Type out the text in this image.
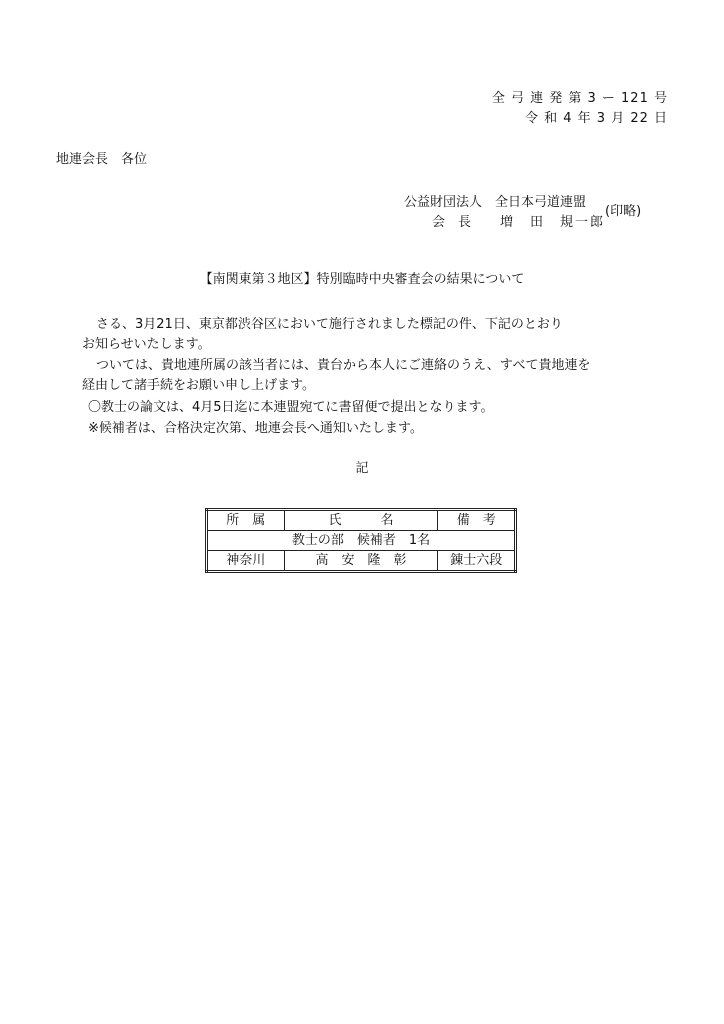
全 弓 連 発 第 3 ー 121 号
令 和 4 年 3 月 22 日
地連会長　各位
公益財団法人　全日本弓道連盟
会　長 増　田　規一郎
(印略)
【南関東第３地区】特別臨時中央審査会の結果について
さる、3月21日、東京都渋谷区において施行されました標記の件、下記のとおり
お知らせいたします。
ついては、貴地連所属の該当者には、貴台から本人にご連絡のうえ、すべて貴地連を
経由して諸手続をお願い申し上げます。
〇教士の論文は、4月5日迄に本連盟宛てに書留便で提出となります。
※候補者は、合格決定次第、地連会長へ通知いたします。
記
所　属	氏　　　名	備　考
教士の部　候補者　1名		
神奈川	高　安　隆　彰	錬士六段
